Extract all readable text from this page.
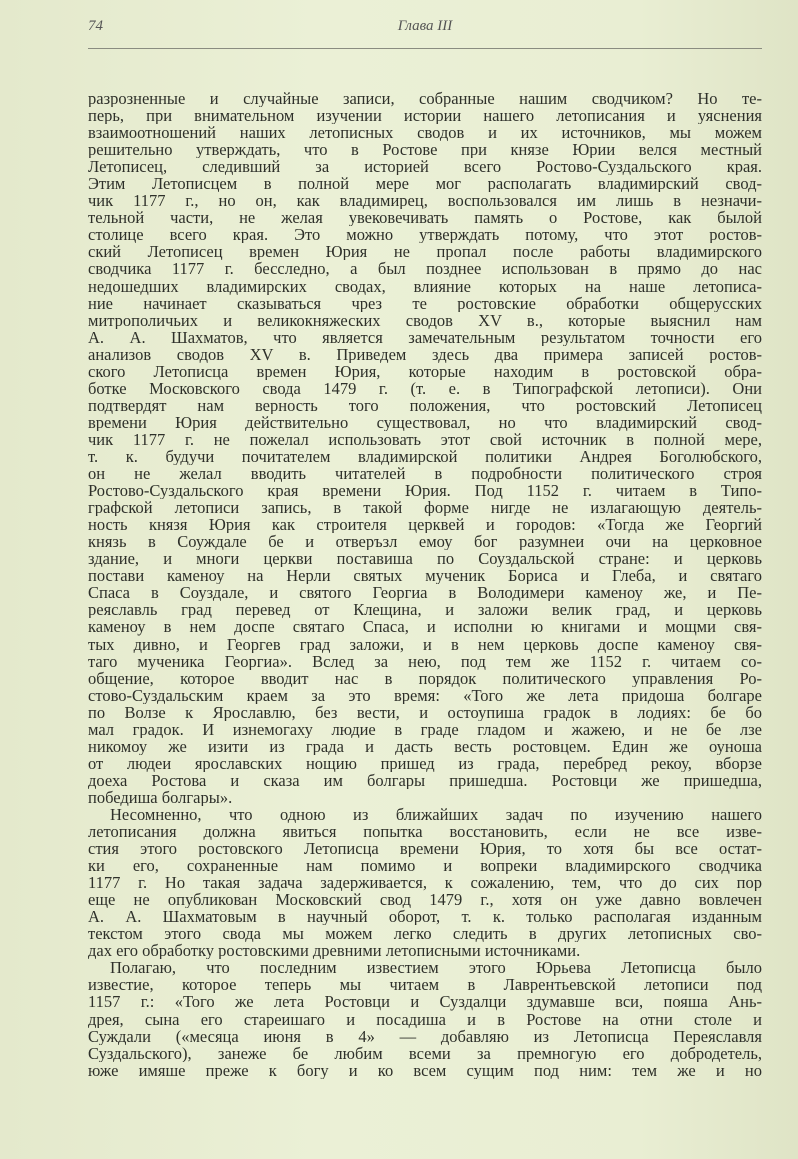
74	Глава III
разрозненные и случайные записи, собранные нашим сводчиком? Но те-
перь, при внимательном изучении истории нашего летописания и уяснения
взаимоотношений наших летописных сводов и их источников, мы можем
решительно утверждать, что в Ростове при князе Юрии велся местный
Летописец, следивший за историей всего Ростово-Суздальского края.
Этим Летописцем в полной мере мог располагать владимирский свод-
чик 1177 г., но он, как владимирец, воспользовался им лишь в незначи-
тельной части, не желая увековечивать память о Ростове, как былой
столице всего края. Это можно утверждать потому, что этот ростов-
ский Летописец времен Юрия не пропал после работы владимирского
сводчика 1177 г. бесследно, а был позднее использован в прямо до нас
недошедших владимирских сводах, влияние которых на наше летописа-
ние начинает сказываться чрез те ростовские обработки общерусских
митрополичьих и великокняжеских сводов XV в., которые выяснил нам
А. А. Шахматов, что является замечательным результатом точности его
анализов сводов XV в. Приведем здесь два примера записей ростов-
ского Летописца времен Юрия, которые находим в ростовской обра-
ботке Московского свода 1479 г. (т. е. в Типографской летописи). Они
подтвердят нам верность того положения, что ростовский Летописец
времени Юрия действительно существовал, но что владимирский свод-
чик 1177 г. не пожелал использовать этот свой источник в полной мере,
т. к. будучи почитателем владимирской политики Андрея Боголюбского,
он не желал вводить читателей в подробности политического строя
Ростово-Суздальского края времени Юрия. Под 1152 г. читаем в Типо-
графской летописи запись, в такой форме нигде не излагающую деятель-
ность князя Юрия как строителя церквей и городов: «Тогда же Георгий
князь в Соуждале бе и отверъзл емоу бог разумнеи очи на церковное
здание, и многи церкви поставиша по Соуздальской стране: и церковь
постави каменоу на Нерли святых мученик Бориса и Глеба, и святаго
Спаса в Соуздале, и святого Георгиа в Володимери каменоу же, и Пе-
реяславль град перевед от Клещина, и заложи велик град, и церковь
каменоу в нем доспе святаго Спаса, и исполни ю книгами и мощми свя-
тых дивно, и Георгев град заложи, и в нем церковь доспе каменоу свя-
таго мученика Георгиа». Вслед за нею, под тем же 1152 г. читаем со-
общение, которое вводит нас в порядок политического управления Ро-
стово-Суздальским краем за это время: «Того же лета придоша болгаре
по Волзе к Ярославлю, без вести, и остоупиша градок в лодиях: бе бо
мал градок. И изнемогаху людие в граде гладом и жажею, и не бе лзе
никомоу же изити из града и дасть весть ростовцем. Един же оуноша
от людеи ярославских нощию пришед из града, перебред рекоу, вборзе
доеха Ростова и сказа им болгары пришедша. Ростовци же пришедша,
победиша болгары».
Несомненно, что одною из ближайших задач по изучению нашего
летописания должна явиться попытка восстановить, если не все изве-
стия этого ростовского Летописца времени Юрия, то хотя бы все остат-
ки его, сохраненные нам помимо и вопреки владимирского сводчика
1177 г. Но такая задача задерживается, к сожалению, тем, что до сих пор
еще не опубликован Московский свод 1479 г., хотя он уже давно вовлечен
А. А. Шахматовым в научный оборот, т. к. только располагая изданным
текстом этого свода мы можем легко следить в других летописных сво-
дах его обработку ростовскими древними летописными источниками.
Полагаю, что последним известием этого Юрьева Летописца было
известие, которое теперь мы читаем в Лаврентьевской летописи под
1157 г.: «Того же лета Ростовци и Суздалци здумавше вси, пояша Ань-
дрея, сына его стареишаго и посадиша и в Ростове на отни столе и
Суждали («месяца июня в 4» — добавляю из Летописца Переяславля
Суздальского), занеже бе любим всеми за премногую его добродетель,
юже имяше преже к богу и ко всем сущим под ним: тем же и но
